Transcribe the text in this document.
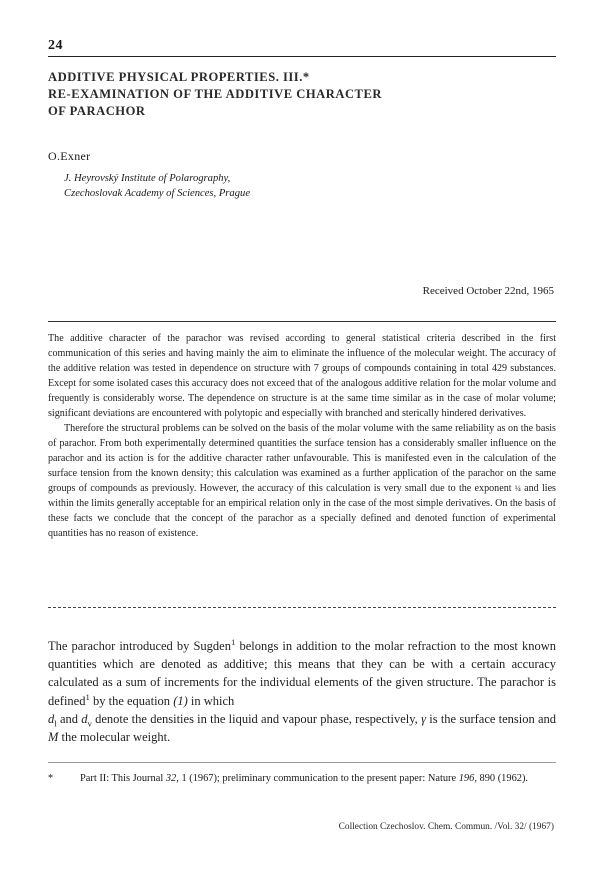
24
ADDITIVE PHYSICAL PROPERTIES. III.*
RE-EXAMINATION OF THE ADDITIVE CHARACTER
OF PARACHOR
O.Exner
J. Heyrovský Institute of Polarography,
Czechoslovak Academy of Sciences, Prague
Received October 22nd, 1965

The additive character of the parachor was revised according to general statistical criteria described in the first communication of this series and having mainly the aim to eliminate the influence of the molecular weight. The accuracy of the additive relation was tested in dependence on structure with 7 groups of compounds containing in total 429 substances. Except for some isolated cases this accuracy does not exceed that of the analogous additive relation for the molar volume and frequently is considerably worse. The dependence on structure is at the same time similar as in the case of molar volume; significant deviations are encountered with polytopic and especially with branched and sterically hindered derivatives.

Therefore the structural problems can be solved on the basis of the molar volume with the same reliability as on the basis of parachor. From both experimentally determined quantities the surface tension has a considerably smaller influence on the parachor and its action is for the additive character rather unfavourable. This is manifested even in the calculation of the surface tension from the known density; this calculation was examined as a further application of the parachor on the same groups of compounds as previously. However, the accuracy of this calculation is very small due to the exponent ¼ and lies within the limits generally acceptable for an empirical relation only in the case of the most simple derivatives. On the basis of these facts we conclude that the concept of the parachor as a specially defined and denoted function of experimental quantities has no reason of existence.

The parachor introduced by Sugden$^1$ belongs in addition to the molar refraction to the most known quantities which are denoted as additive; this means that they can be with a certain accuracy calculated as a sum of increments for the individual elements of the given structure. The parachor is defined$^1$ by the equation (1) in which
$d_l$ and $d_v$ denote the densities in the liquid and vapour phase, respectively, γ is the surface tension and M the molecular weight.

*	Part II: This Journal 32, 1 (1967); preliminary communication to the present paper: Nature 196, 890 (1962).
Collection Czechoslov. Chem. Commun. /Vol. 32/ (1967)
